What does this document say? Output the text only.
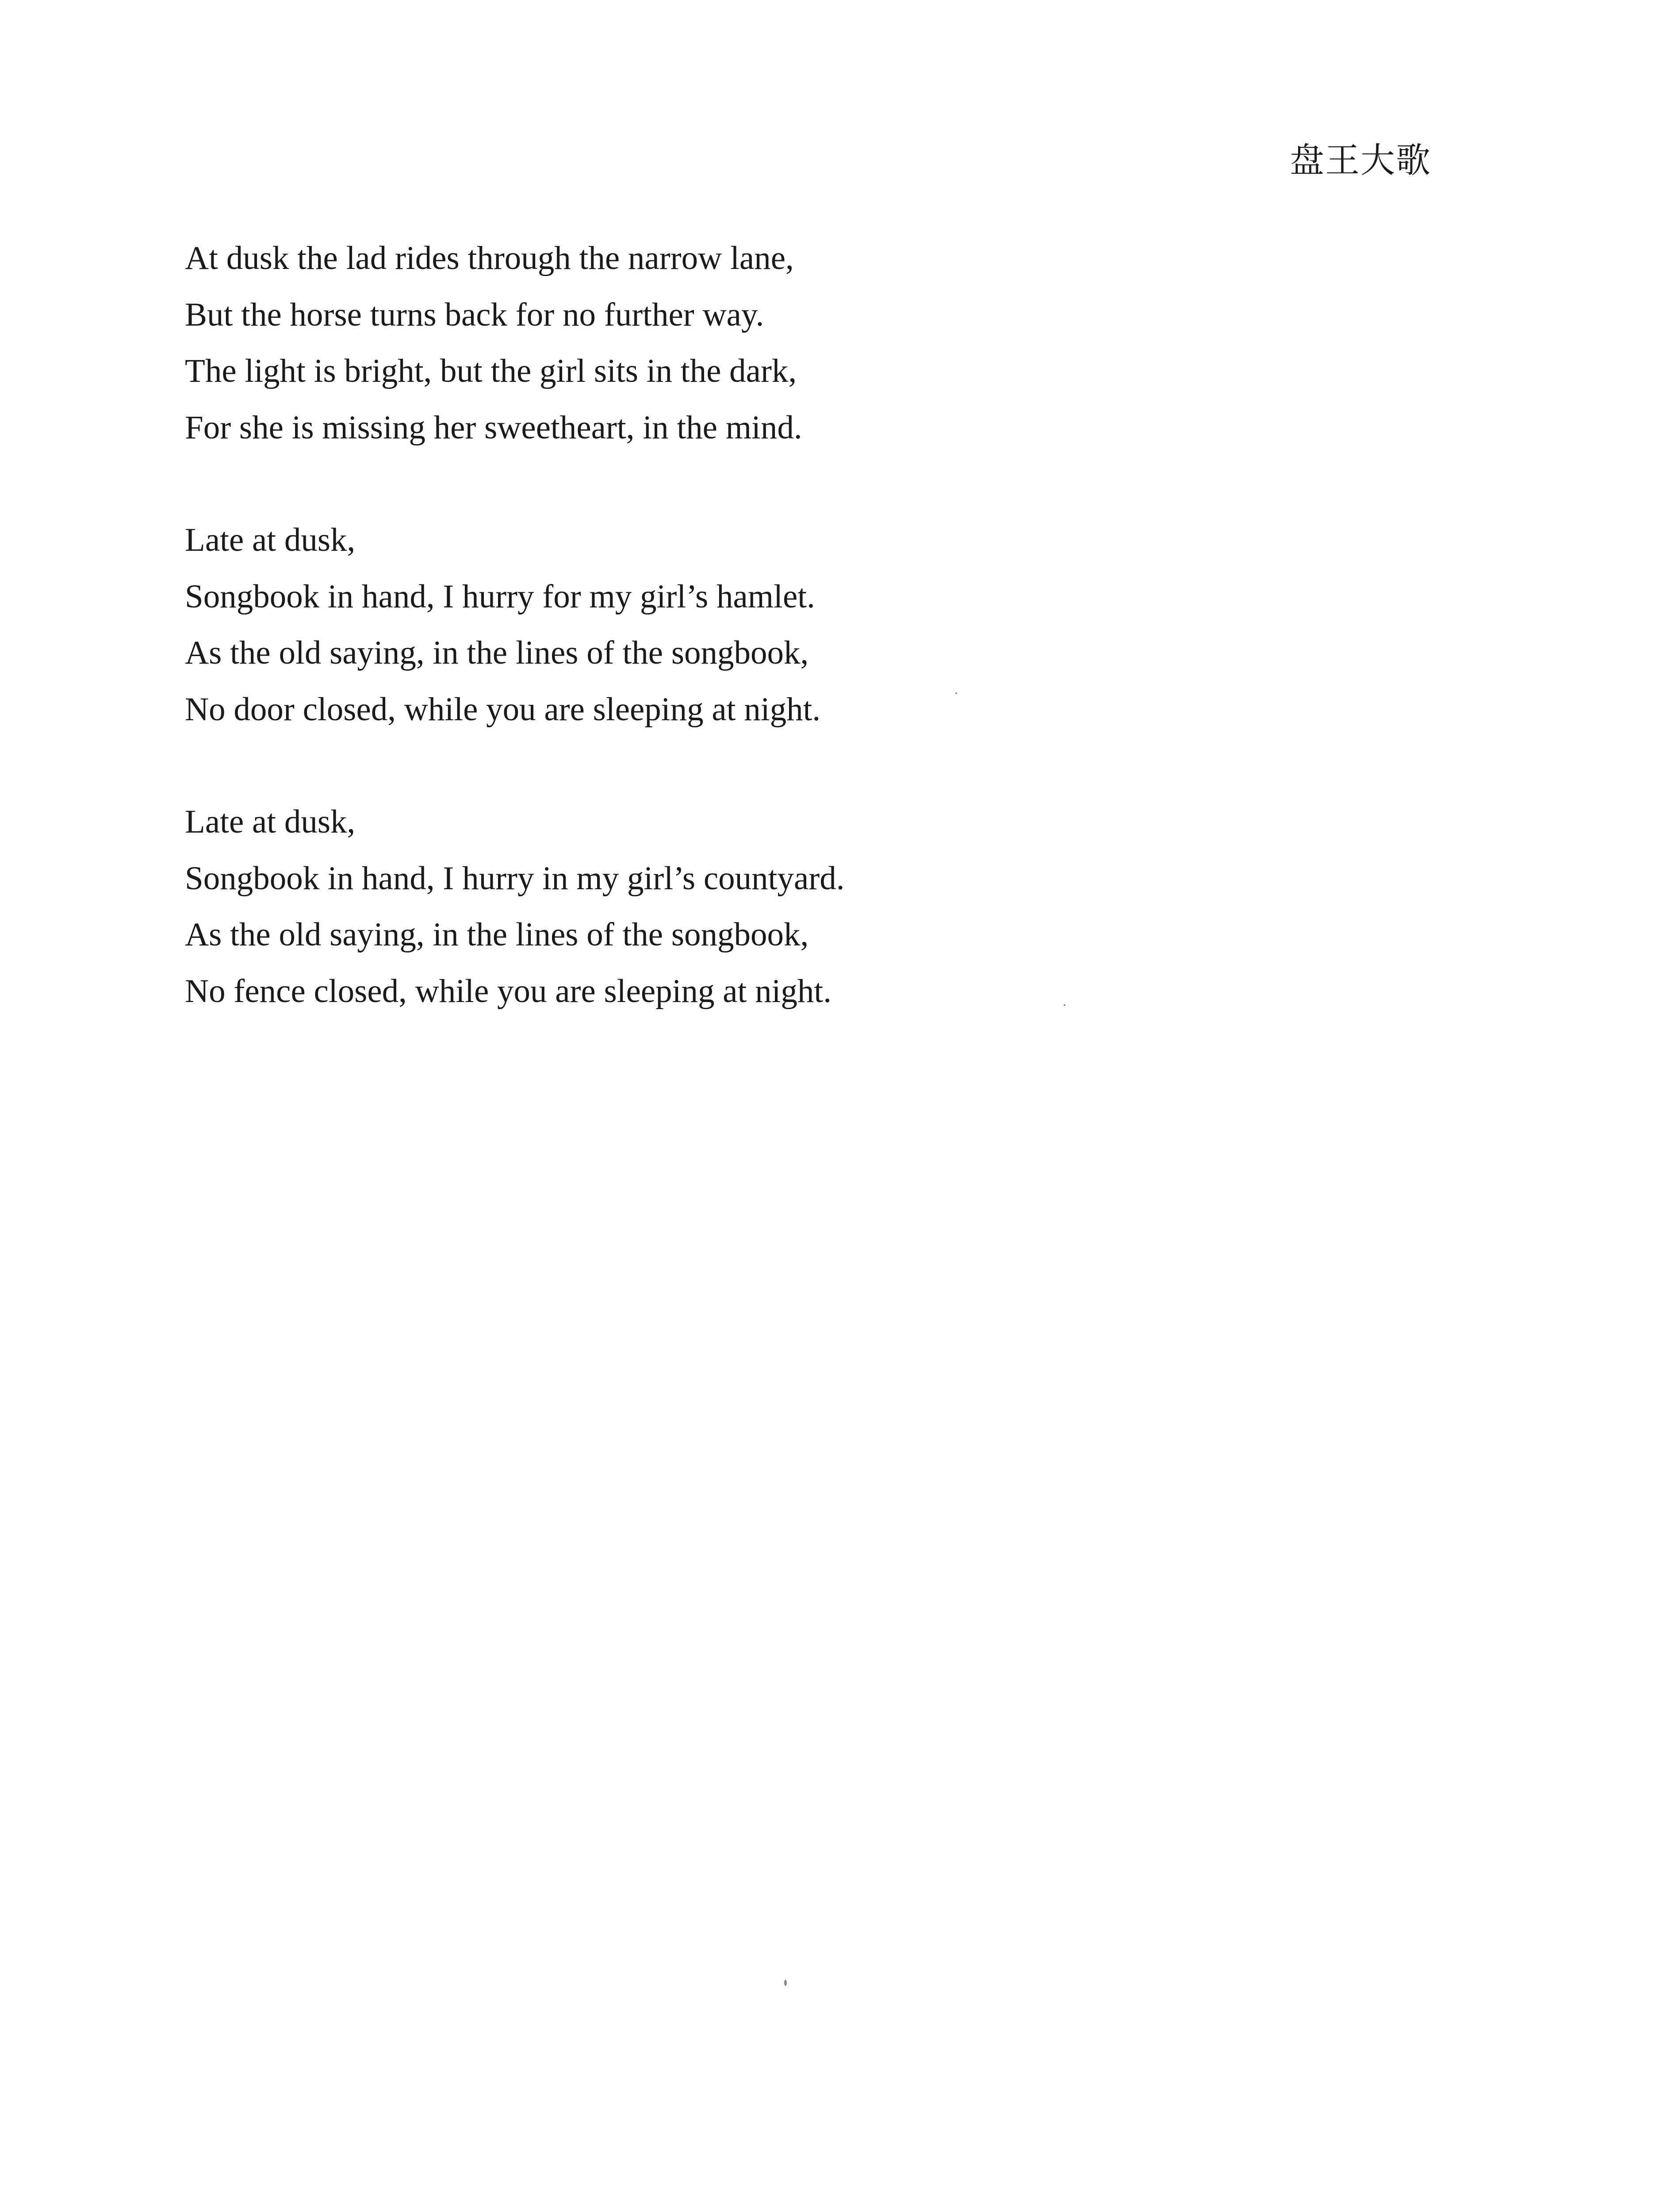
盘王大歌
At dusk the lad rides through the narrow lane,
But the horse turns back for no further way.
The light is bright, but the girl sits in the dark,
For she is missing her sweetheart, in the mind.
Late at dusk,
Songbook in hand, I hurry for my girl’s hamlet.
As the old saying, in the lines of the songbook,
No door closed, while you are sleeping at night.
Late at dusk,
Songbook in hand, I hurry in my girl’s countyard.
As the old saying, in the lines of the songbook,
No fence closed, while you are sleeping at night.
